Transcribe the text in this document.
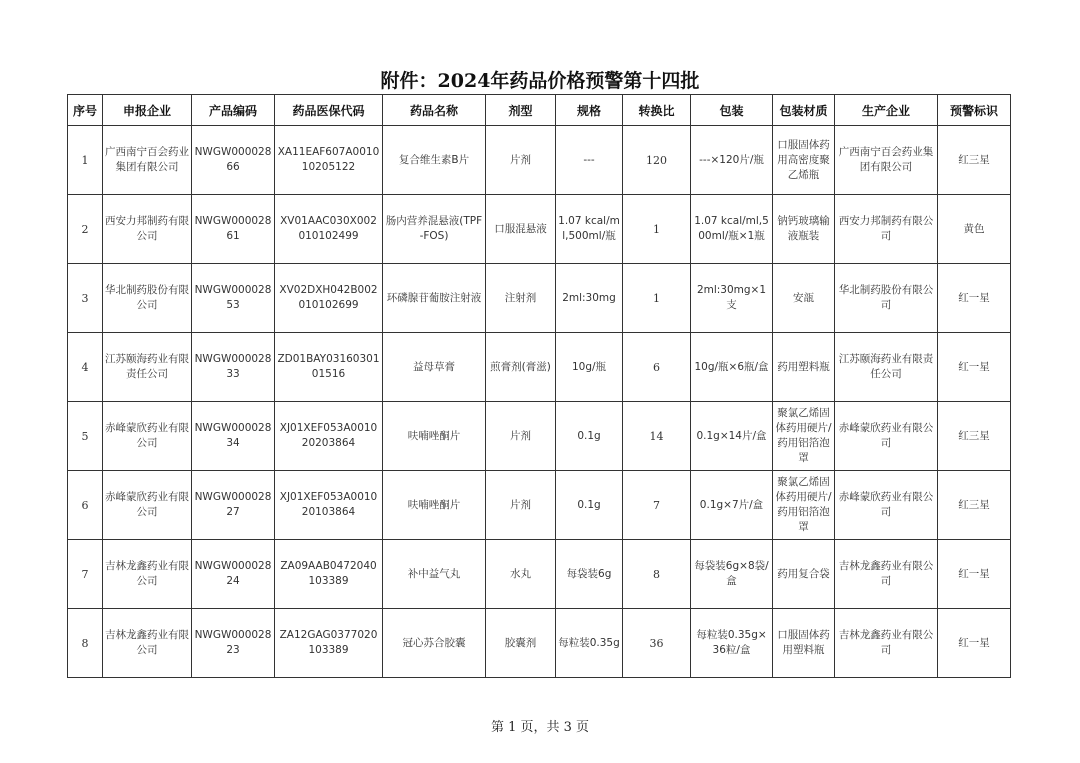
附件：2024年药品价格预警第十四批
序号	申报企业	产品编码	药品医保代码	药品名称	剂型	规格	转换比	包装	包装材质	生产企业	预警标识
1	广西南宁百会药业集团有限公司	NWGW00002866	XA11EAF607A001010205122	复合维生素B片	片剂	---	120	---×120片/瓶	口服固体药用高密度聚乙烯瓶	广西南宁百会药业集团有限公司	红三星
2	西安力邦制药有限公司	NWGW00002861	XV01AAC030X002010102499	肠内营养混悬液(TPF-FOS)	口服混悬液	1.07 kcal/ml,500ml/瓶	1	1.07 kcal/ml,500ml/瓶×1瓶	钠钙玻璃输液瓶装	西安力邦制药有限公司	黄色
3	华北制药股份有限公司	NWGW00002853	XV02DXH042B002010102699	环磷腺苷葡胺注射液	注射剂	2ml:30mg	1	2ml:30mg×1支	安瓿	华北制药股份有限公司	红一星
4	江苏颐海药业有限责任公司	NWGW00002833	ZD01BAY0316030101516	益母草膏	煎膏剂(膏滋)	10g/瓶	6	10g/瓶×6瓶/盒	药用塑料瓶	江苏颐海药业有限责任公司	红一星
5	赤峰蒙欣药业有限公司	NWGW00002834	XJ01XEF053A001020203864	呋喃唑酮片	片剂	0.1g	14	0.1g×14片/盒	聚氯乙烯固体药用硬片/药用铝箔泡罩	赤峰蒙欣药业有限公司	红三星
6	赤峰蒙欣药业有限公司	NWGW00002827	XJ01XEF053A001020103864	呋喃唑酮片	片剂	0.1g	7	0.1g×7片/盒	聚氯乙烯固体药用硬片/药用铝箔泡罩	赤峰蒙欣药业有限公司	红三星
7	吉林龙鑫药业有限公司	NWGW00002824	ZA09AAB0472040103389	补中益气丸	水丸	每袋装6g	8	每袋装6g×8袋/盒	药用复合袋	吉林龙鑫药业有限公司	红一星
8	吉林龙鑫药业有限公司	NWGW00002823	ZA12GAG0377020103389	冠心苏合胶囊	胶囊剂	每粒装0.35g	36	每粒装0.35g×36粒/盒	口服固体药用塑料瓶	吉林龙鑫药业有限公司	红一星
第 1 页，共 3 页
